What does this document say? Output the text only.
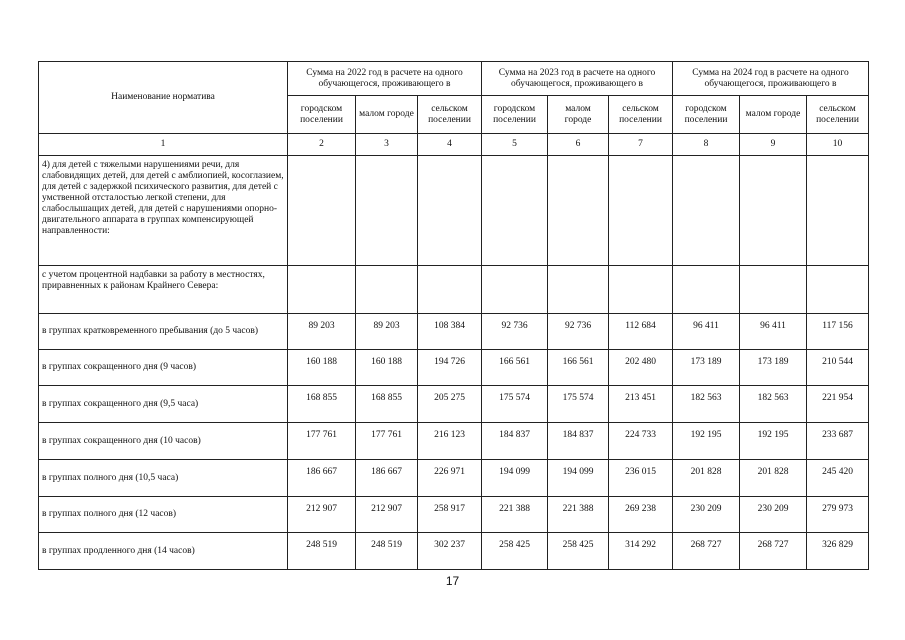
Наименование норматива	Сумма на 2022 год в расчете на одного обучающегося, проживающего в			Сумма на 2023 год в расчете на одного обучающегося, проживающего в			Сумма на 2024 год в расчете на одного обучающегося, проживающего в		
	городском поселении	малом городе	сельском поселении	городском поселении	малом городе	сельском поселении	городском поселении	малом городе	сельском поселении
1	2	3	4	5	6	7	8	9	10
4) для детей с тяжелыми нарушениями речи, для слабовидящих детей, для детей с амблиопией, косоглазием, для детей с задержкой психического развития, для детей с умственной отсталостью легкой степени, для слабослышащих детей, для детей с нарушениями опорно-двигательного аппарата в группах компенсирующей направленности:									
с учетом процентной надбавки за работу в местностях, приравненных к районам Крайнего Севера:									
в группах кратковременного пребывания (до 5 часов)	89 203	89 203	108 384	92 736	92 736	112 684	96 411	96 411	117 156
в группах сокращенного дня (9 часов)	160 188	160 188	194 726	166 561	166 561	202 480	173 189	173 189	210 544
в группах сокращенного дня (9,5 часа)	168 855	168 855	205 275	175 574	175 574	213 451	182 563	182 563	221 954
в группах сокращенного дня (10 часов)	177 761	177 761	216 123	184 837	184 837	224 733	192 195	192 195	233 687
в группах полного дня (10,5 часа)	186 667	186 667	226 971	194 099	194 099	236 015	201 828	201 828	245 420
в группах полного дня (12 часов)	212 907	212 907	258 917	221 388	221 388	269 238	230 209	230 209	279 973
в группах продленного дня (14 часов)	248 519	248 519	302 237	258 425	258 425	314 292	268 727	268 727	326 829
17
